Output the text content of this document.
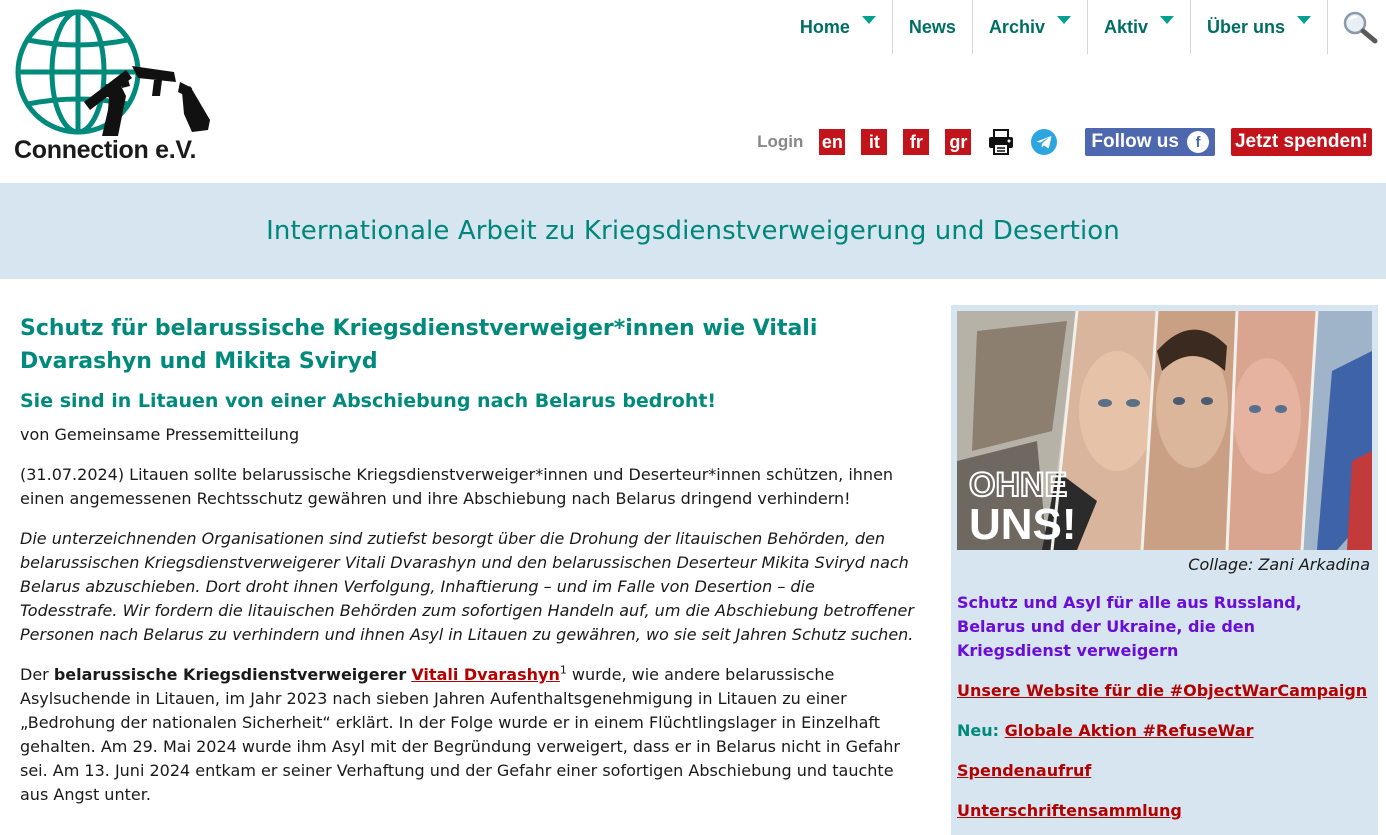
Connection e.V.
Home	News Archiv	Aktiv	Über uns
Login en	it	fr	gr	Follow us	f	Jetzt spenden!
Internationale Arbeit zu Kriegsdienstverweigerung und Desertion
Schutz für belarussische Kriegsdienstverweiger*innen wie Vitali Dvarashyn und Mikita Sviryd
Sie sind in Litauen von einer Abschiebung nach Belarus bedroht!

von Gemeinsame Pressemitteilung

(31.07.2024) Litauen sollte belarussische Kriegsdienstverweiger*innen und Deserteur*innen schützen, ihnen einen angemessenen Rechtsschutz gewähren und ihre Abschiebung nach Belarus dringend verhindern!

Die unterzeichnenden Organisationen sind zutiefst besorgt über die Drohung der litauischen Behörden, den belarussischen Kriegsdienstverweigerer Vitali Dvarashyn und den belarussischen Deserteur Mikita Sviryd nach Belarus abzuschieben. Dort droht ihnen Verfolgung, Inhaftierung – und im Falle von Desertion – die Todesstrafe. Wir fordern die litauischen Behörden zum sofortigen Handeln auf, um die Abschiebung betroffener Personen nach Belarus zu verhindern und ihnen Asyl in Litauen zu gewähren, wo sie seit Jahren Schutz suchen.

Der belarussische Kriegsdienstverweigerer Vitali Dvarashyn$^1$ wurde, wie andere belarussische Asylsuchende in Litauen, im Jahr 2023 nach sieben Jahren Aufenthaltsgenehmigung in Litauen zu einer „Bedrohung der nationalen Sicherheit“ erklärt. In der Folge wurde er in einem Flüchtlingslager in Einzelhaft gehalten. Am 29. Mai 2024 wurde ihm Asyl mit der Begründung verweigert, dass er in Belarus nicht in Gefahr sei. Am 13. Juni 2024 entkam er seiner Verhaftung und der Gefahr einer sofortigen Abschiebung und tauchte aus Angst unter.

OHNE
UNS!
Collage: Zani Arkadina
Schutz und Asyl für alle aus Russland, Belarus und der Ukraine, die den Kriegsdienst verweigern
Unsere Website für die #ObjectWarCampaign
Neu: Globale Aktion #RefuseWar
Spendenaufruf
Unterschriftensammlung
